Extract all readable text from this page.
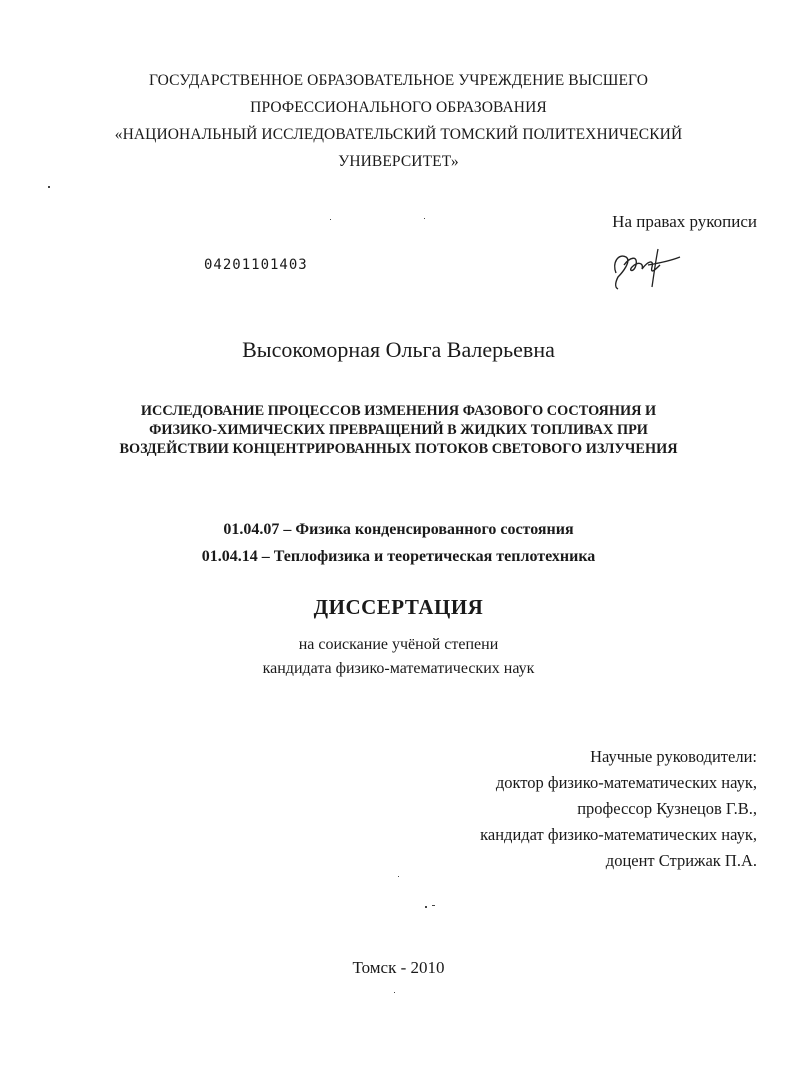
ГОСУДАРСТВЕННОЕ ОБРАЗОВАТЕЛЬНОЕ УЧРЕЖДЕНИЕ ВЫСШЕГО
ПРОФЕССИОНАЛЬНОГО ОБРАЗОВАНИЯ
«НАЦИОНАЛЬНЫЙ ИССЛЕДОВАТЕЛЬСКИЙ ТОМСКИЙ ПОЛИТЕХНИЧЕСКИЙ
УНИВЕРСИТЕТ»
На правах рукописи
04201101403
Высокоморная Ольга Валерьевна
ИССЛЕДОВАНИЕ ПРОЦЕССОВ ИЗМЕНЕНИЯ ФАЗОВОГО СОСТОЯНИЯ И
ФИЗИКО-ХИМИЧЕСКИХ ПРЕВРАЩЕНИЙ В ЖИДКИХ ТОПЛИВАХ ПРИ
ВОЗДЕЙСТВИИ КОНЦЕНТРИРОВАННЫХ ПОТОКОВ СВЕТОВОГО ИЗЛУЧЕНИЯ
01.04.07 – Физика конденсированного состояния
01.04.14 – Теплофизика и теоретическая теплотехника
ДИССЕРТАЦИЯ
на соискание учёной степени
кандидата физико-математических наук
Научные руководители:
доктор физико-математических наук,
профессор Кузнецов Г.В.,
кандидат физико-математических наук,
доцент Стрижак П.А.
Томск - 2010
